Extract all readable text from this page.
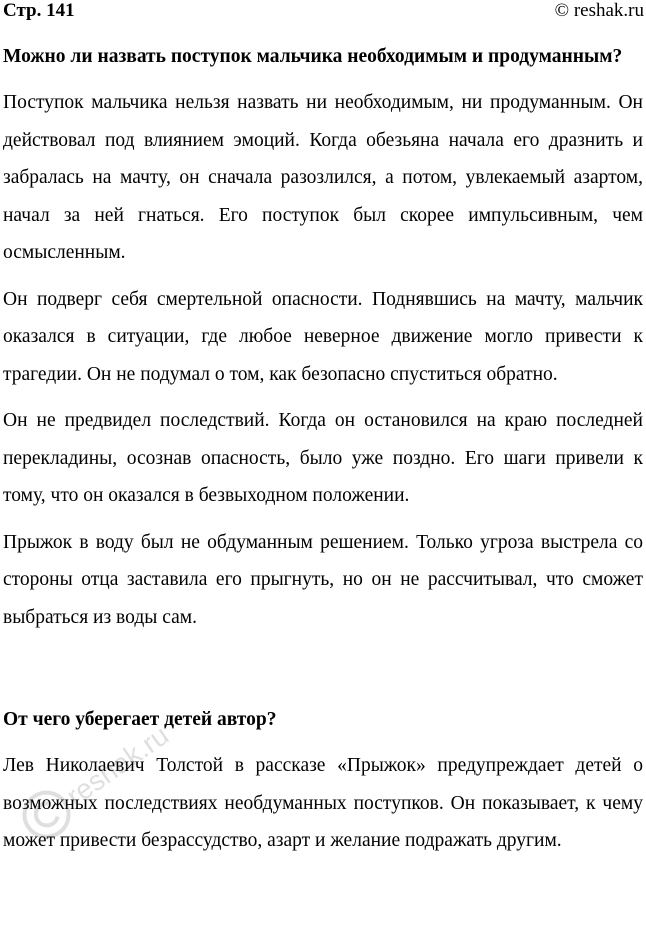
Стр. 141	© reshak.ru

Можно ли назвать поступок мальчика необходимым и продуманным?

Поступок мальчика нельзя назвать ни необходимым, ни продуманным. Он действовал под влиянием эмоций. Когда обезьяна начала его дразнить и забралась на мачту, он сначала разозлился, а потом, увлекаемый азартом, начал за ней гнаться. Его поступок был скорее импульсивным, чем осмысленным.

Он подверг себя смертельной опасности. Поднявшись на мачту, мальчик оказался в ситуации, где любое неверное движение могло привести к трагедии. Он не подумал о том, как безопасно спуститься обратно.

Он не предвидел последствий. Когда он остановился на краю последней перекладины, осознав опасность, было уже поздно. Его шаги привели к тому, что он оказался в безвыходном положении.

Прыжок в воду был не обдуманным решением. Только угроза выстрела со стороны отца заставила его прыгнуть, но он не рассчитывал, что сможет выбраться из воды сам.

От чего уберегает детей автор?

Лев Николаевич Толстой в рассказе «Прыжок» предупреждает детей о возможных последствиях необдуманных поступков. Он показывает, к чему может привести безрассудство, азарт и желание подражать другим.

reshak.ru
